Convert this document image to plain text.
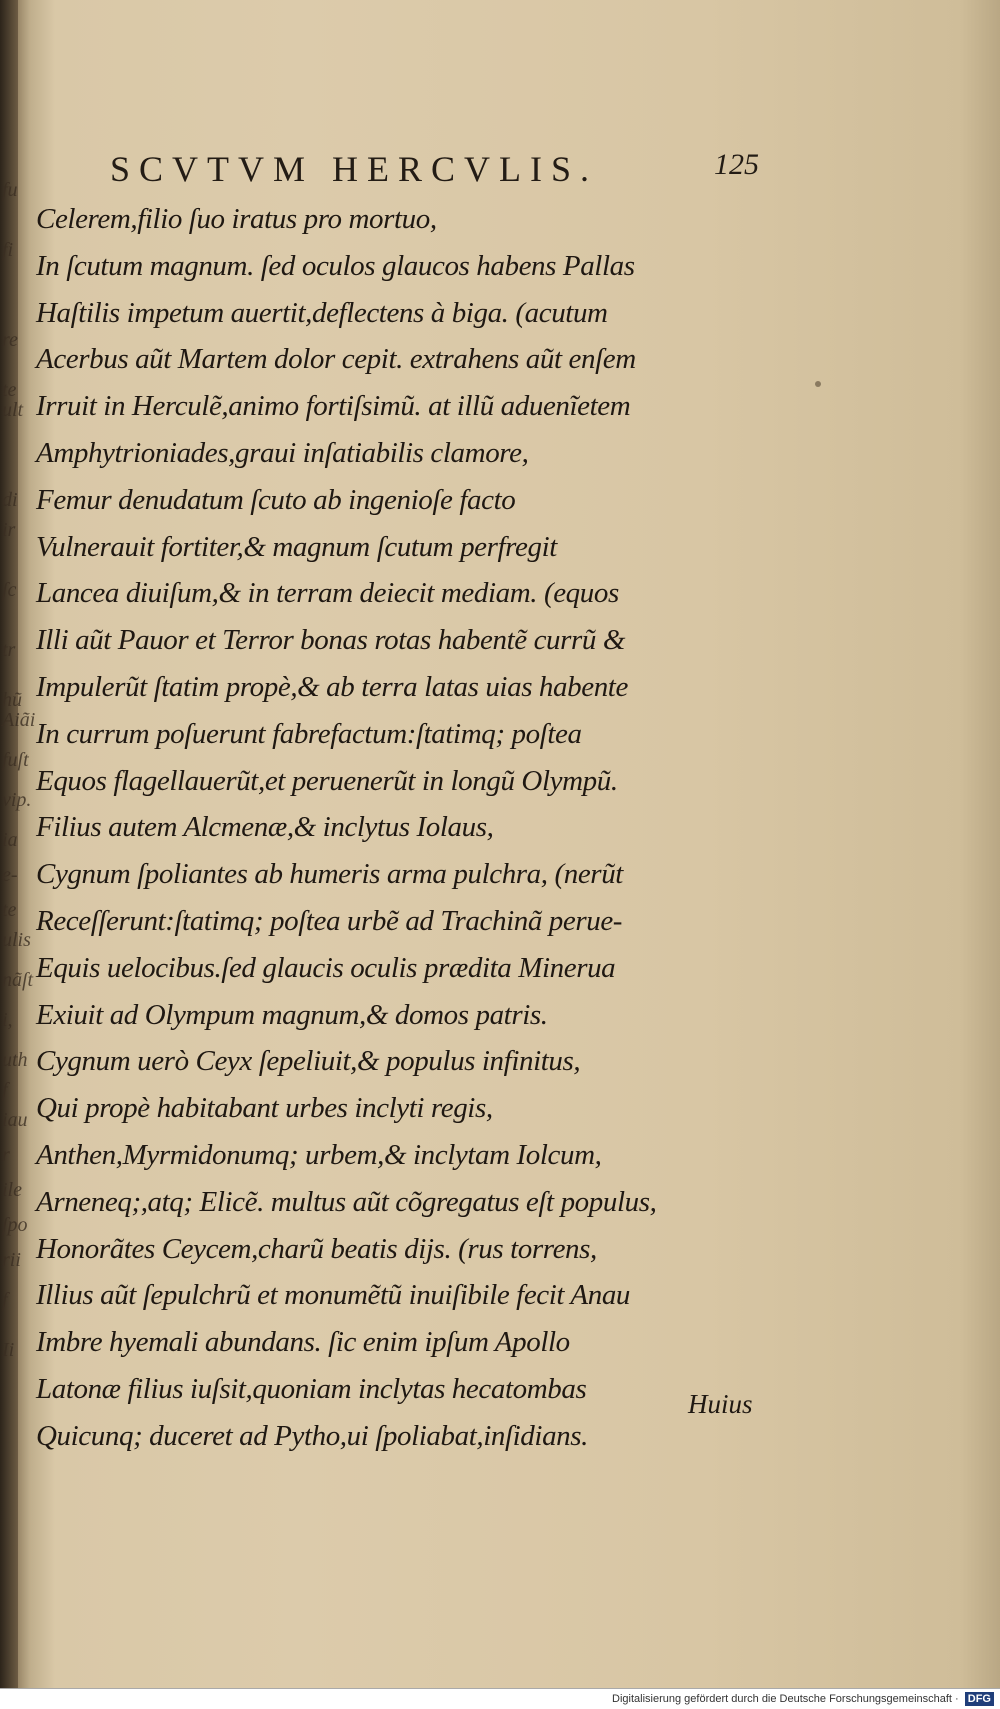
fu
fi
re
te
ult
di
ir
ſc
tr
hũ
Aiãi
fuſt
vip.
ia
e-
te
ulis
nãſt
i,
uth
f
iau
r
ile
ſpo
rii
f
Ii
SCVTVM HERCVLIS.	125
Celerem,filio ſuo iratus pro mortuo,
In ſcutum magnum. ſed oculos glaucos habens Pallas
Haſtilis impetum auertit,deflectens à biga. (acutum
Acerbus aũt Martem dolor cepit. extrahens aũt enſem
Irruit in Herculẽ,animo fortiſsimũ. at illũ aduenĩetem
Amphytrioniades,graui inſatiabilis clamore,
Femur denudatum ſcuto ab ingenioſe facto
Vulnerauit fortiter,& magnum ſcutum perfregit
Lancea diuiſum,& in terram deiecit mediam. (equos
Illi aũt Pauor et Terror bonas rotas habentẽ currũ &
Impulerũt ſtatim propè,& ab terra latas uias habente
In currum poſuerunt fabrefactum:ſtatimq; poſtea
Equos flagellauerũt,et peruenerũt in longũ Olympũ.
Filius autem Alcmenæ,& inclytus Iolaus,
Cygnum ſpoliantes ab humeris arma pulchra, (nerũt
Receſſerunt:ſtatimq; poſtea urbẽ ad Trachinã perue-
Equis uelocibus.ſed glaucis oculis prædita Minerua
Exiuit ad Olympum magnum,& domos patris.
Cygnum uerò Ceyx ſepeliuit,& populus infinitus,
Qui propè habitabant urbes inclyti regis,
Anthen,Myrmidonumq; urbem,& inclytam Iolcum,
Arneneq;,atq; Elicẽ. multus aũt cõgregatus eſt populus,
Honorãtes Ceycem,charũ beatis dijs. (rus torrens,
Illius aũt ſepulchrũ et monumẽtũ inuiſibile fecit Anau
Imbre hyemali abundans. ſic enim ipſum Apollo
Latonæ filius iuſsit,quoniam inclytas hecatombas
Quicunq; duceret ad Pytho,ui ſpoliabat,inſidians.
Huius
Digitalisierung gefördert durch die Deutsche Forschungsgemeinschaft · DFG
